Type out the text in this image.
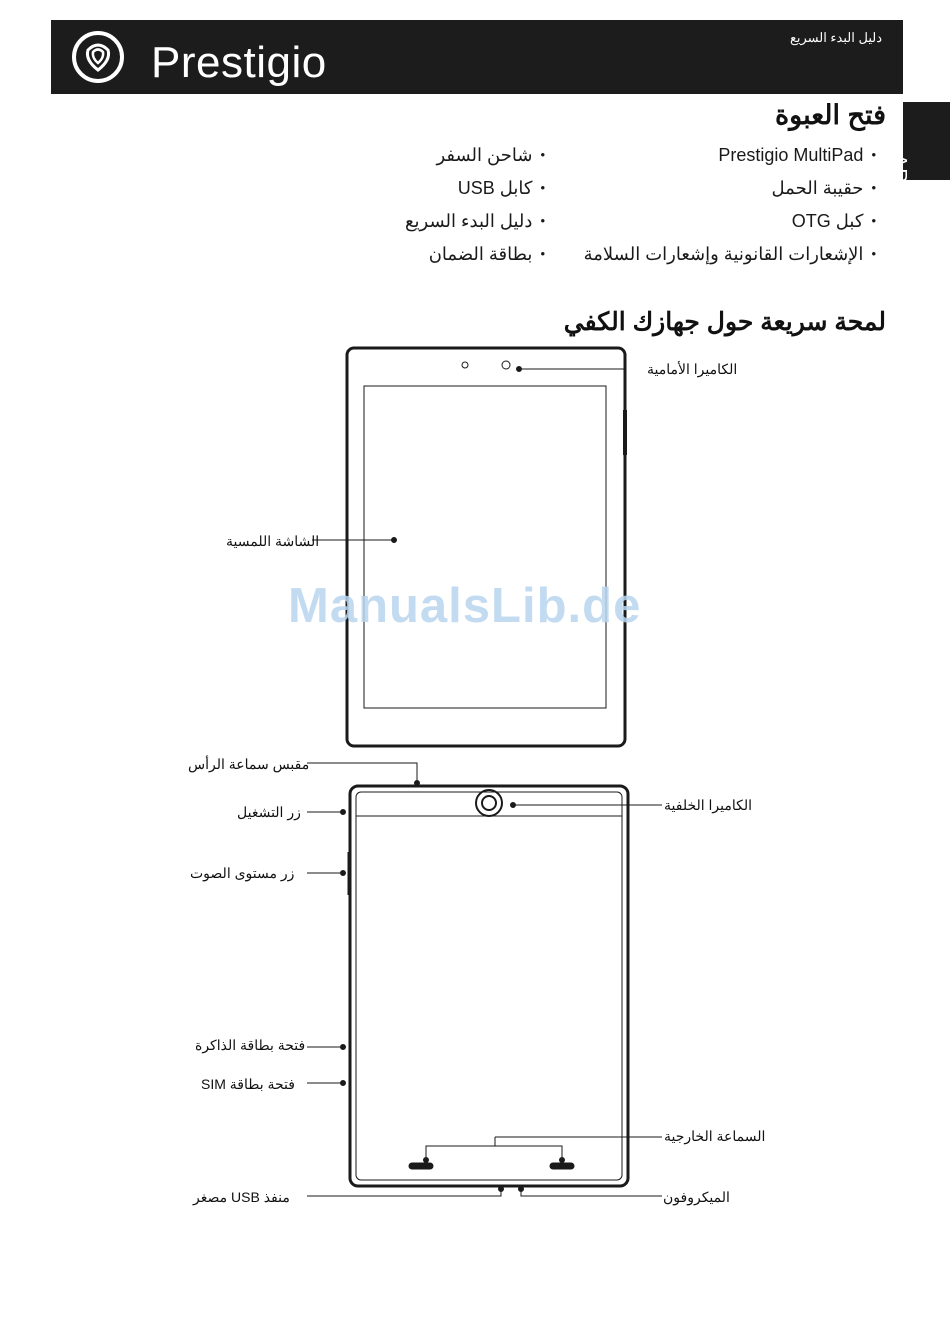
Prestigio
دليل البدء السريع
AR
فتح العبوة
• Prestigio MultiPad
• حقيبة الحمل
• كبل OTG
• الإشعارات القانونية وإشعارات السلامة
• شاحن السفر
• كابل USB
• دليل البدء السريع
• بطاقة الضمان
لمحة سريعة حول جهازك الكفي
الكاميرا الأمامية
الشاشة اللمسية
مقبس سماعة الرأس
الكاميرا الخلفية
زر التشغيل
زر مستوى الصوت
فتحة بطاقة الذاكرة
فتحة بطاقة SIM
السماعة الخارجية
منفذ USB مصغر	الميكروفون
ManualsLib.de
